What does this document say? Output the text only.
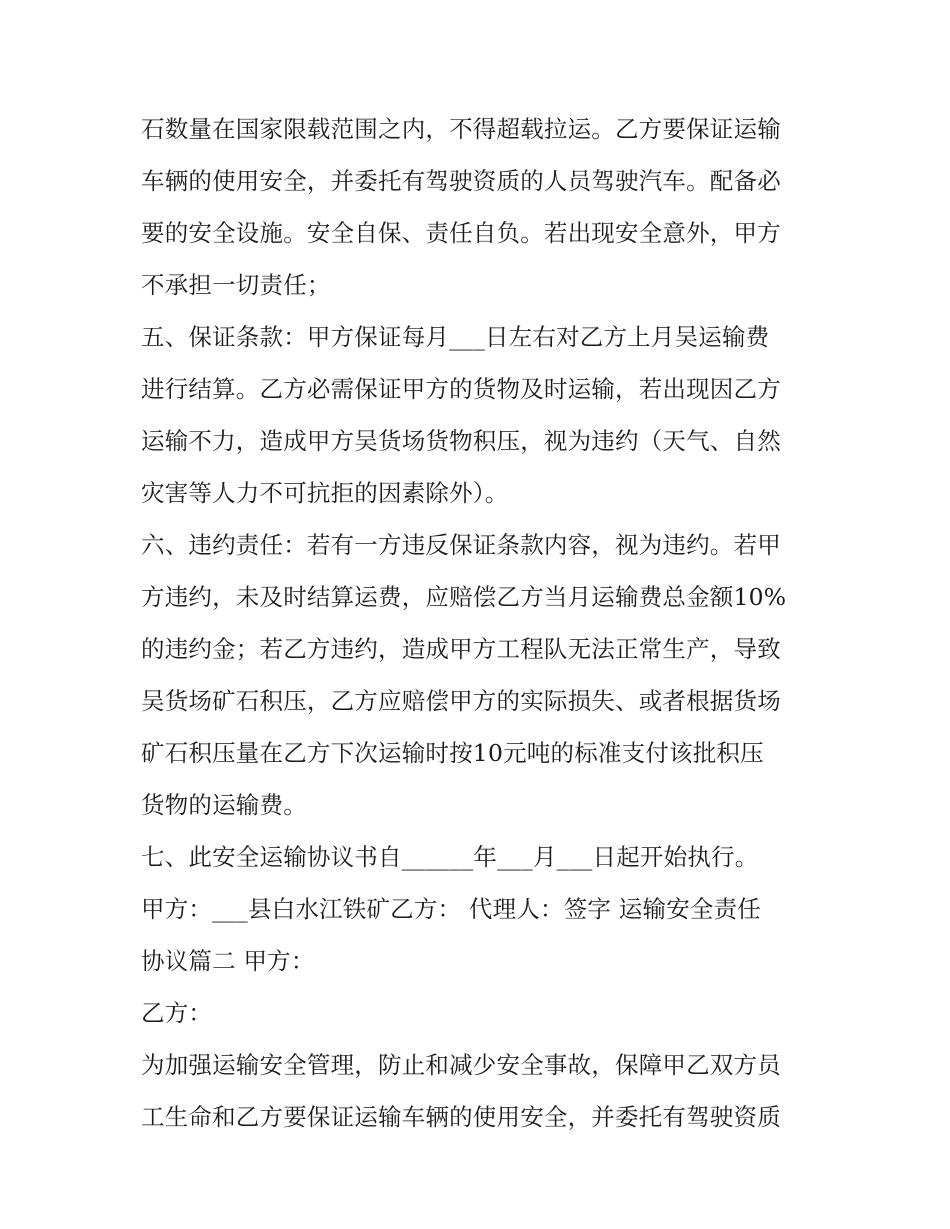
石数量在国家限载范围之内，不得超载拉运。乙方要保证运输
车辆的使用安全，并委托有驾驶资质的人员驾驶汽车。配备必
要的安全设施。安全自保、责任自负。若出现安全意外，甲方
不承担一切责任；
五、保证条款：甲方保证每月___日左右对乙方上月吴运输费
进行结算。乙方必需保证甲方的货物及时运输，若出现因乙方
运输不力，造成甲方吴货场货物积压，视为违约（天气、自然
灾害等人力不可抗拒的因素除外）。
六、违约责任：若有一方违反保证条款内容，视为违约。若甲
方违约，未及时结算运费，应赔偿乙方当月运输费总金额10%
的违约金；若乙方违约，造成甲方工程队无法正常生产，导致
吴货场矿石积压，乙方应赔偿甲方的实际损失、或者根据货场
矿石积压量在乙方下次运输时按10元吨的标准支付该批积压
货物的运输费。
七、此安全运输协议书自______年___月___日起开始执行。
甲方：___县白水江铁矿乙方： 代理人：签字 运输安全责任
协议篇二 甲方：
乙方：
为加强运输安全管理，防止和减少安全事故，保障甲乙双方员
工生命和乙方要保证运输车辆的使用安全，并委托有驾驶资质
